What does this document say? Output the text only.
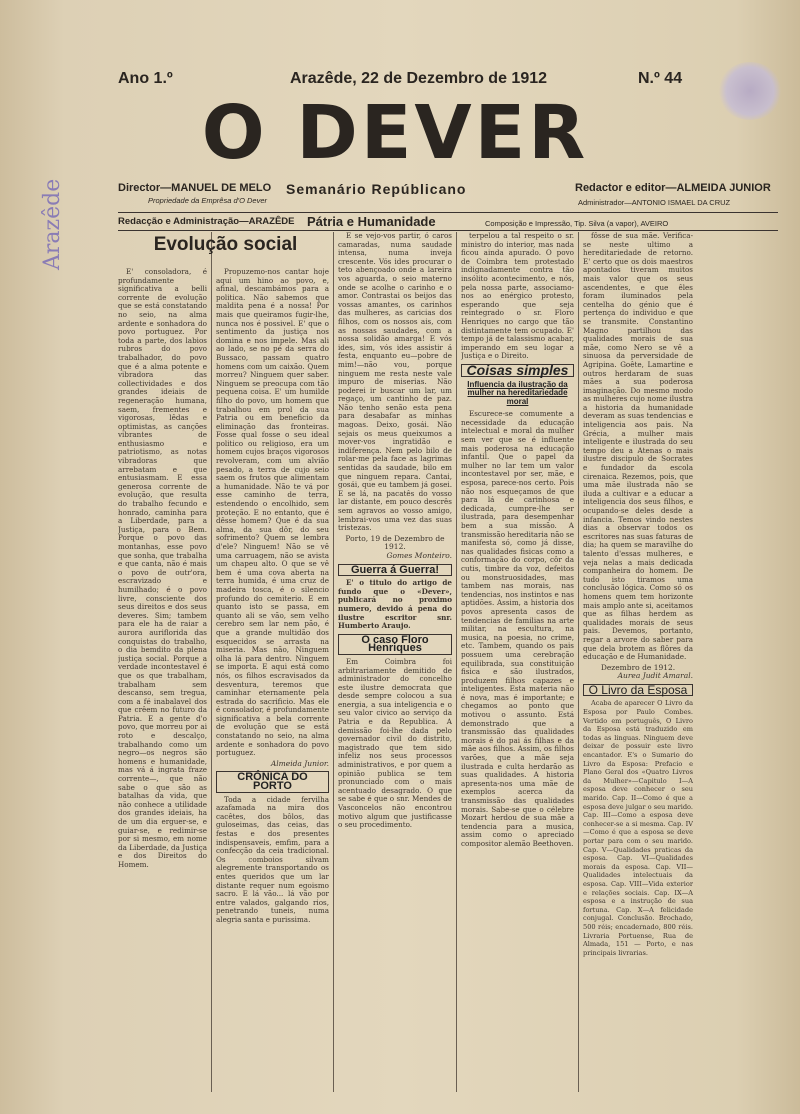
Arazêde
Ano 1.º	Arazêde, 22 de Dezembro de 1912	N.º 44
O DEVER
Director—MANUEL DE MELO
Propriedade da Emprêsa d'O Dever
Semanário Repúblicano	Redactor e editor—ALMEIDA JUNIOR
Administrador—ANTONIO ISMAEL DA CRUZ
Redacção e Administração—ARAZÊDE Pátria e Humanidade	Composição e Impressão, Tip. Silva (a vapor), AVEIRO
Evolução social

E' consoladora, é profundamente significativa a belli corrente de evolução que se está constatando no seio, na alma ardente e sonhadora do povo portuguez. Por toda a parte, dos labios rubros do povo trabalhador, do povo que é a alma potente e vibradora das collectividades e dos grandes ideiais de regeneração humana, saem, frementes e vigorosas, lêdas e optimistas, as canções vibrantes de enthusiasmo e patriotismo, as notas vibradoras que arrebatam e que entusiasmam. E essa generosa corrente de evolução, que resulta do trabalho fecundo e honrado, caminha para a Liberdade, para a Justiça, para o Bem. Porque o povo das montanhas, esse povo que sonha, que trabalha e que canta, não é mais o povo de outr'ora, escravizado e humilhado; é o povo livre, consciente dos seus direitos e dos seus deveres. Sim; tambem para ele ha de raiar a aurora auriflorida das conquistas do trabalho, o dia bemdito da plena justiça social. Porque a verdade incontestavel é que os que trabalham, trabalham sem descanso, sem tregua, com a fé inabalavel dos que crêem no futuro da Patria. E a gente d'o povo, que morreu por ai roto e descalço, trabalhando como um negro—os negros são homens e humanidade, mas vá á ingrata fraze corrente—, que não sabe o que são as batalhas da vida, que não conhece a utilidade dos grandes ideiais, ha de um dia erguer-se, e guiar-se, e redimir-se por si mesmo, em nome da Liberdade, da Justiça e dos Direitos do Homem.

Propuzemo-nos cantar hoje aqui um hino ao povo, e, afinal, descambámos para a politica. Não sabemos que maldita pena é a nossa! Por mais que queiramos fugir-lhe, nunca nos é possivel. E' que o sentimento da justiça nos domina e nos impele. Mas ali ao lado, se no pé da serra do Bussaco, passam quatro homens com um caixão. Quem morreu? Ninguem quer saber. Ninguem se preocupa com tão pequena coisa. E' um humilde filho do povo, um homem que trabalhou em prol da sua Patria ou em beneficio da eliminação das fronteiras. Fosse qual fosse o seu ideal politico ou religioso, era um homem cujos braços vigorosos revolveram, com um alvião pesado, a terra de cujo seio saem os frutos que alimentam a humanidade. Não te vá por esse caminho de terra, estendendo o encolhido, sem proteção. E no entanto, que é dêsse homem? Que é da sua alma, da sua dôr, do seu sofrimento? Quem se lembra d'ele? Ninguem! Não se vê uma carruagem, não se avista um chapeu alto. O que se vê bem é uma cova aberta na terra humida, é uma cruz de madeira tosca, é o silencio profundo do cemiterio. E em quanto isto se passa, em quanto ali se vão, sem velho cerebro sem lar nem pão, é que a grande multidão dos esquecidos se arrasta na miseria. Mas não, Ninguem olha lá para dentro. Ninguem se importa. E aqui está como nós, os filhos escravisados da desventura, teremos que caminhar eternamente pela estrada do sacrificio. Mas ele é consolador, é profundamente significativa a bela corrente de evolução que se está constatando no seio, na alma ardente e sonhadora do povo portuguez.

Almeida Junior.
CRÓNICA DO PORTO

Toda a cidade fervilha azafamada na mira dos cacêtes, dos bôlos, das guloseimas, das ceias, das festas e dos presentes indispensaveis, emfim, para a confecção da ceia tradicional. Os comboios silvam alegremente transportando os entes queridos que um lar distante requer num egoismo sacro. E lá vão... lá vão por entre valados, galgando rios, penetrando tuneis, numa alegria santa e purissima.

E se vejo-vos partir, ó caros camaradas, numa saudade intensa, numa inveja crescente. Vós ides procurar o teto abençoado onde a lareira vos aguarda, o seio materno onde se acolhe o carinho e o amor. Contrastai os beijos das vossas amantes, os carinhos das mulheres, as caricias dos filhos, com os nossos ais, com as nossas saudades, com a nossa solidão amarga! E vós ides, sim, vós ides assistir á festa, enquanto eu—pobre de mim!—não vou, porque ninguem me resta neste vale impuro de miserias. Não poderei ir buscar um lar, um regaço, um cantinho de paz. Não tenho senão esta pena para desabafar as minhas magoas. Deixo, gosái. Não sejais os meus queixumos a mover-vos ingratidão e indiferença. Nem pelo bilo de rolar-me pela face as lagrimas sentidas da saudade, bilo em que ninguem repara. Cantai, gosái, que eu tambem já gosei. E se lá, na pacatês do vosso lar distante, em pouco descrês sem agravos ao vosso amigo, lembrai-vos uma vez das suas tristezas.

Porto, 19 de Dezembro de 1912.
Gomes Monteiro.
Guerra á Guerra!

E' o titulo do artigo de fundo que o «Dever», publicará no proximo numero, devido á pena do ilustre escritor snr. Humberto Araujo.

O caso Floro Henriques

Em Coimbra foi arbitrariamente demitido de administrador do concelho este ilustre democrata que desde sempre colocou a sua energia, a sua inteligencia e o seu valor civico ao serviço da Patria e da Republica. A demissão foi-lhe dada pelo governador civil do distrito, magistrado que tem sido infeliz nos seus processos administrativos, e por quem a opinião publica se tem pronunciado com o mais acentuado desagrado. O que se sabe é que o snr. Mendes de Vasconcelos não encontrou motivo algum que justificasse o seu procedimento.

terpelou a tal respeito o sr. ministro do interior, mas nada ficou ainda apurado. O povo de Coimbra tem protestado indignadamente contra tão insólito acontecimento, e nós, pela nossa parte, associamo-nos ao enérgico protesto, esperando que seja reintegrado o sr. Floro Henriques no cargo que tão distintamente tem ocupado. E' tempo já de talassismo acabar, imperando em seu logar a Justiça e o Direito.

Coisas simples
Influencia da ilustração da mulher na hereditariedade moral

Escurece-se comumente a necessidade da educação intelectual e moral da mulher sem ver que se é influente mais poderosa na educação infantil. Que o papel da mulher no lar tem um valor incontestavel por ser, mãe, e esposa, parece-nos certo. Pois não nos esqueçamos de que para lá de carinhosa e dedicada, cumpre-lhe ser ilustrada, para desempenhar bem a sua missão. A transmissão hereditaria não se manifesta só, como já disse, nas qualidades fisicas como a conformação do corpo, côr da cutis, timbre da voz, defeitos ou monstruosidades, mas tambem nas morais, nas tendencias, nos instintos e nas aptidões. Assim, a historia dos povos apresenta casos de tendencias de familias na arte militar, na escultura, na musica, na poesia, no crime, etc. Tambem, quando os pais possuem uma cerebração equilibrada, sua constituição fisica e são ilustrados, produzem filhos capazes e inteligentes. Esta materia não é nova, mas é importante; e chegamos ao ponto que motivou o assunto. Está demonstrado que a transmissão das qualidades morais é do pai ás filhas e da mãe aos filhos. Assim, os filhos varões, que a mãe seja ilustrada e culta herdarão as suas qualidades. A historia apresenta-nos uma mãe de exemplos acerca da transmissão das qualidades morais. Sabe-se que o célebre Mozart herdou de sua mãe a tendencia para a musica, assim como o apreciado compositor alemão Beethoven.

fôsse de sua mãe. Verifica-se neste ultimo a hereditariedade de retorno. E' certo que os dois maestros apontados tiveram muitos mais valor que os seus ascendentes, e que êles foram iluminados pela centelha do génio que é pertença do individuo e que se transmite. Constantino Magno partilhou das qualidades morais de sua mãe, como Nero se vê a sinuosa da perversidade de Agripina. Goête, Lamartine e outros herdaram de suas mães a sua poderosa imaginação. Do mesmo modo as mulheres cujo nome ilustra a historia da humanidade deveram as suas tendencias e inteligencia aos pais. Na Grécia, a mulher mais inteligente e ilustrada do seu tempo deu a Atenas o mais ilustre discipulo de Socrates e fundador da escola cirenaica. Rezemos, pois, que uma mãe ilustrada não se iluda a cultivar e a educar a inteligencia dos seus filhos, e ocupando-se deles desde a infancia. Temos vindo nestes dias a observar todos os escritores nas suas faturas de dia; ha quem se maravilhe do talento d'essas mulheres, e veja nelas a mais dedicada companheira do homem. De tudo isto tiramos uma conclusão lógica. Como só os homens quem tem horizonte mais amplo ante si, aceitamos que as filhas herdem as qualidades morais de seus pais. Devemos, portanto, regar a arvore do saber para que dela brotem as flôres da educação e de Humanidade.

Dezembro de 1912.
Aurea Judit Amaral.
O Livro da Esposa

Acaba de aparecer O Livro da Esposa por Paulo Combes. Vertido em português, O Livro da Esposa está traduzido em todas as linguas. Ninguem deve deixar de possuir este livro encantador. E's o Sumario do Livro da Esposa: Prefacio e Plano Geral dos «Quatro Livros da Mulher»—Capitulo I—A esposa deve conhecer o seu marido. Cap. II—Como é que a esposa deve julgar o seu marido. Cap. III—Como a esposa deve conhecer-se a si mesma. Cap. IV—Como é que a esposa se deve portar para com o seu marido. Cap. V—Qualidades praticas da esposa. Cap. VI—Qualidades morais da esposa. Cap. VII—Qualidades intelectuais da esposa. Cap. VIII—Vida exterior e relações sociais. Cap. IX—A esposa e a instrução de sua fortuna. Cap. X—A felicidade conjugal. Conclusão. Brochado, 500 réis; encadernado, 800 réis. Livraria Portuense, Rua de Almada, 151 — Porto, e nas principais livrarias.
